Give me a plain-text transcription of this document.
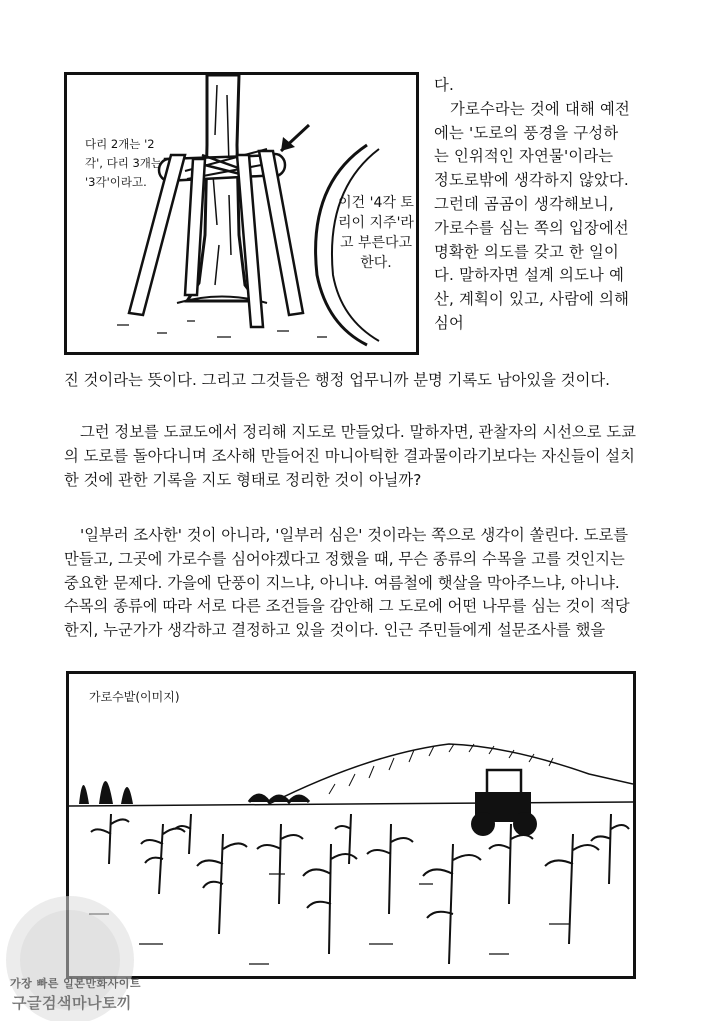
다리 2개는 '2각', 다리 3개는 '3각'이라고.
이건 '4각 토리이 지주'라고 부른다고 한다.

다.

가로수라는 것에 대해 예전에는 '도로의 풍경을 구성하는 인위적인 자연물'이라는 정도로밖에 생각하지 않았다. 그런데 곰곰이 생각해보니, 가로수를 심는 쪽의 입장에선 명확한 의도를 갖고 한 일이다. 말하자면 설계 의도나 예산, 계획이 있고, 사람에 의해 심어

진 것이라는 뜻이다. 그리고 그것들은 행정 업무니까 분명 기록도 남아있을 것이다.

그런 정보를 도쿄도에서 정리해 지도로 만들었다. 말하자면, 관찰자의 시선으로 도쿄의 도로를 돌아다니며 조사해 만들어진 마니아틱한 결과물이라기보다는 자신들이 설치한 것에 관한 기록을 지도 형태로 정리한 것이 아닐까?

'일부러 조사한' 것이 아니라, '일부러 심은' 것이라는 쪽으로 생각이 쏠린다. 도로를 만들고, 그곳에 가로수를 심어야겠다고 정했을 때, 무슨 종류의 수목을 고를 것인지는 중요한 문제다. 가을에 단풍이 지느냐, 아니냐. 여름철에 햇살을 막아주느냐, 아니냐. 수목의 종류에 따라 서로 다른 조건들을 감안해 그 도로에 어떤 나무를 심는 것이 적당한지, 누군가가 생각하고 결정하고 있을 것이다. 인근 주민들에게 설문조사를 했을

가로수밭(이미지)
가장 빠른 일본만화사이트
구글검색마나토끼
